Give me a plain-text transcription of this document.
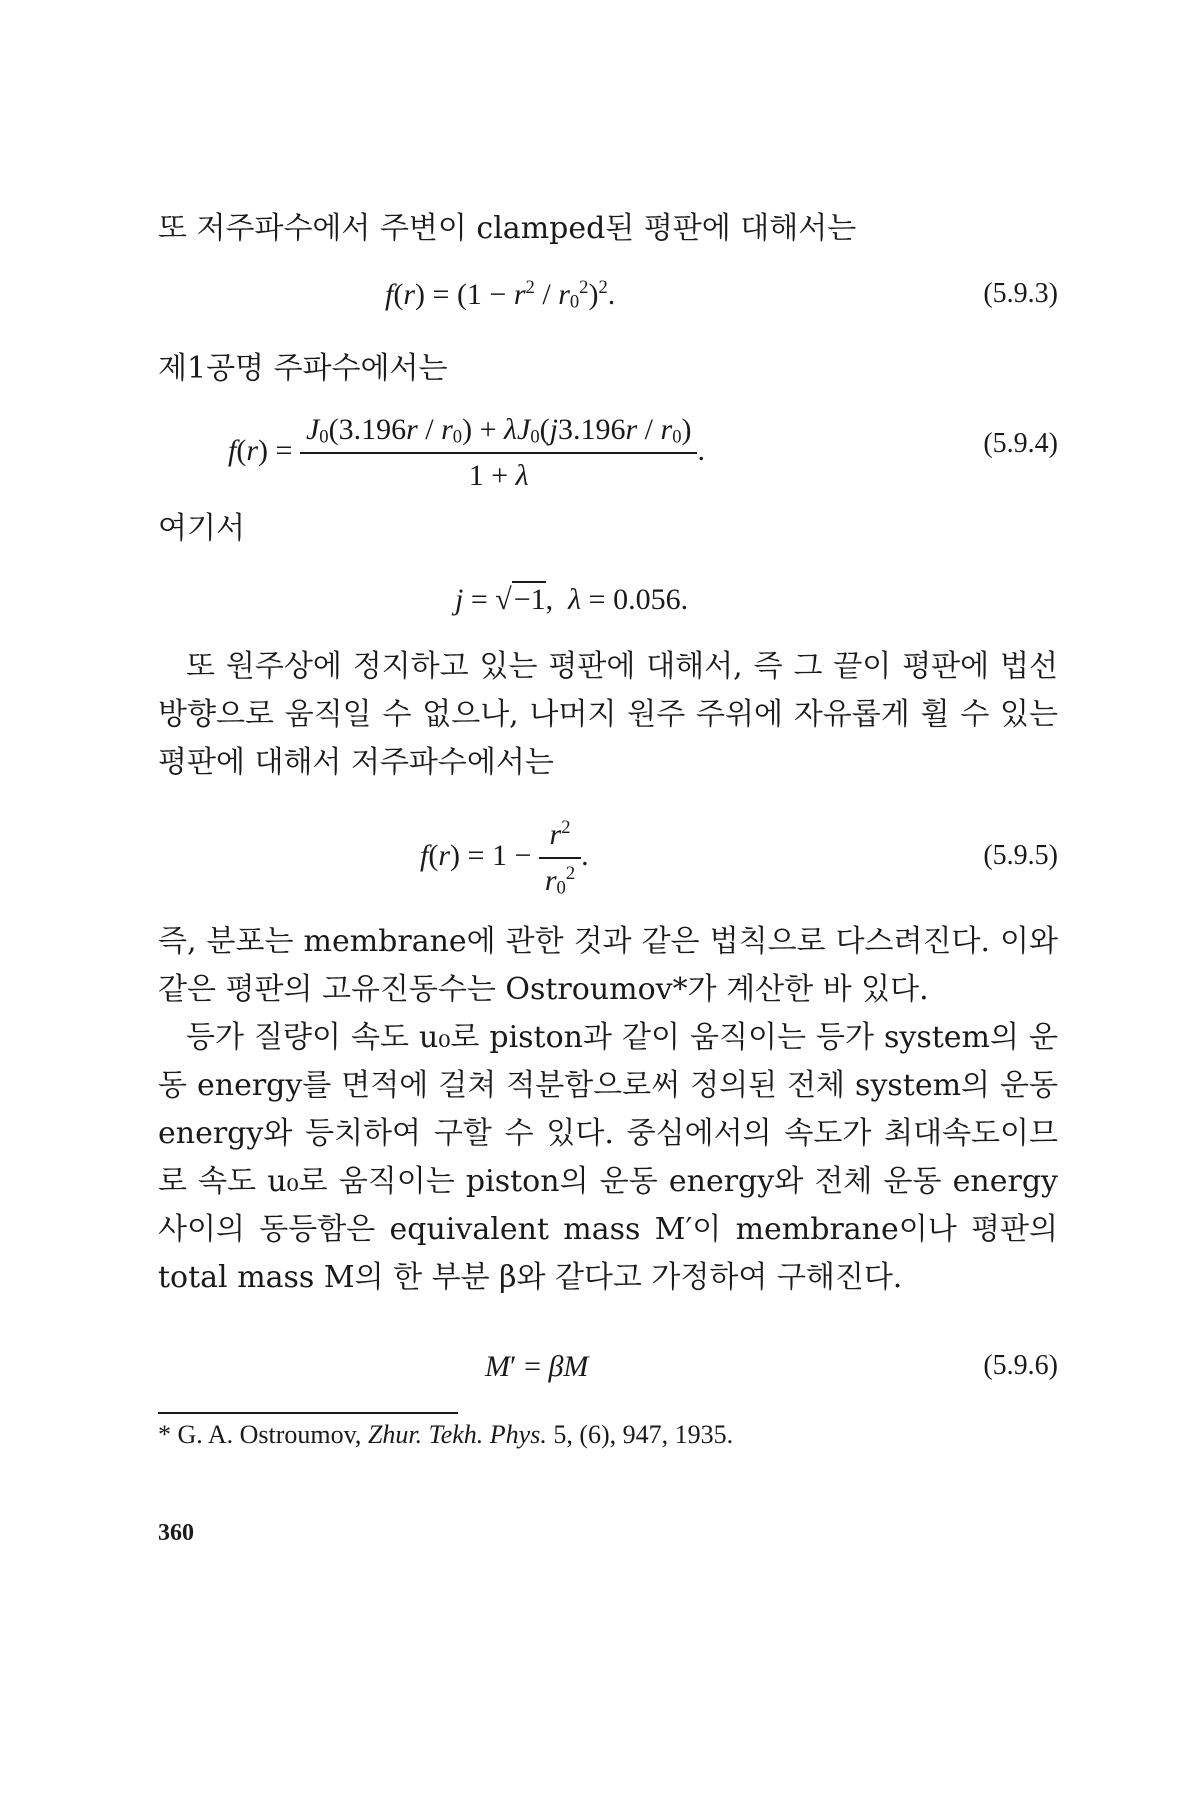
또 저주파수에서 주변이 clamped된 평판에 대해서는
$f(r) = (1 - r^2 / r_0^2)^2$.	(5.9.3)
제1공명 주파수에서는
$f(r) = \frac{J_0(3.196r / r_0) + \lambda J_0(j3.196r / r_0)}{1 + \lambda}$ .	(5.9.4)
여기서
j = √−1,  λ = 0.056.
또 원주상에 정지하고 있는 평판에 대해서, 즉 그 끝이 평판에 법선 방향으로 움직일 수 없으나, 나머지 원주 주위에 자유롭게 휠 수 있는 평판에 대해서 저주파수에서는
$f(r) = 1 - \frac{r^2}{r_0^2}$ .	(5.9.5)
즉, 분포는 membrane에 관한 것과 같은 법칙으로 다스려진다. 이와 같은 평판의 고유진동수는 Ostroumov*가 계산한 바 있다.
등가 질량이 속도 u₀로 piston과 같이 움직이는 등가 system의 운동 energy를 면적에 걸쳐 적분함으로써 정의된 전체 system의 운동 energy와 등치하여 구할 수 있다. 중심에서의 속도가 최대속도이므로 속도 u₀로 움직이는 piston의 운동 energy와 전체 운동 energy 사이의 동등함은 equivalent mass M′이 membrane이나 평판의 total mass M의 한 부분 β와 같다고 가정하여 구해진다.
M′ = βM	(5.9.6)
* G. A. Ostroumov, Zhur. Tekh. Phys. 5, (6), 947, 1935.
360
